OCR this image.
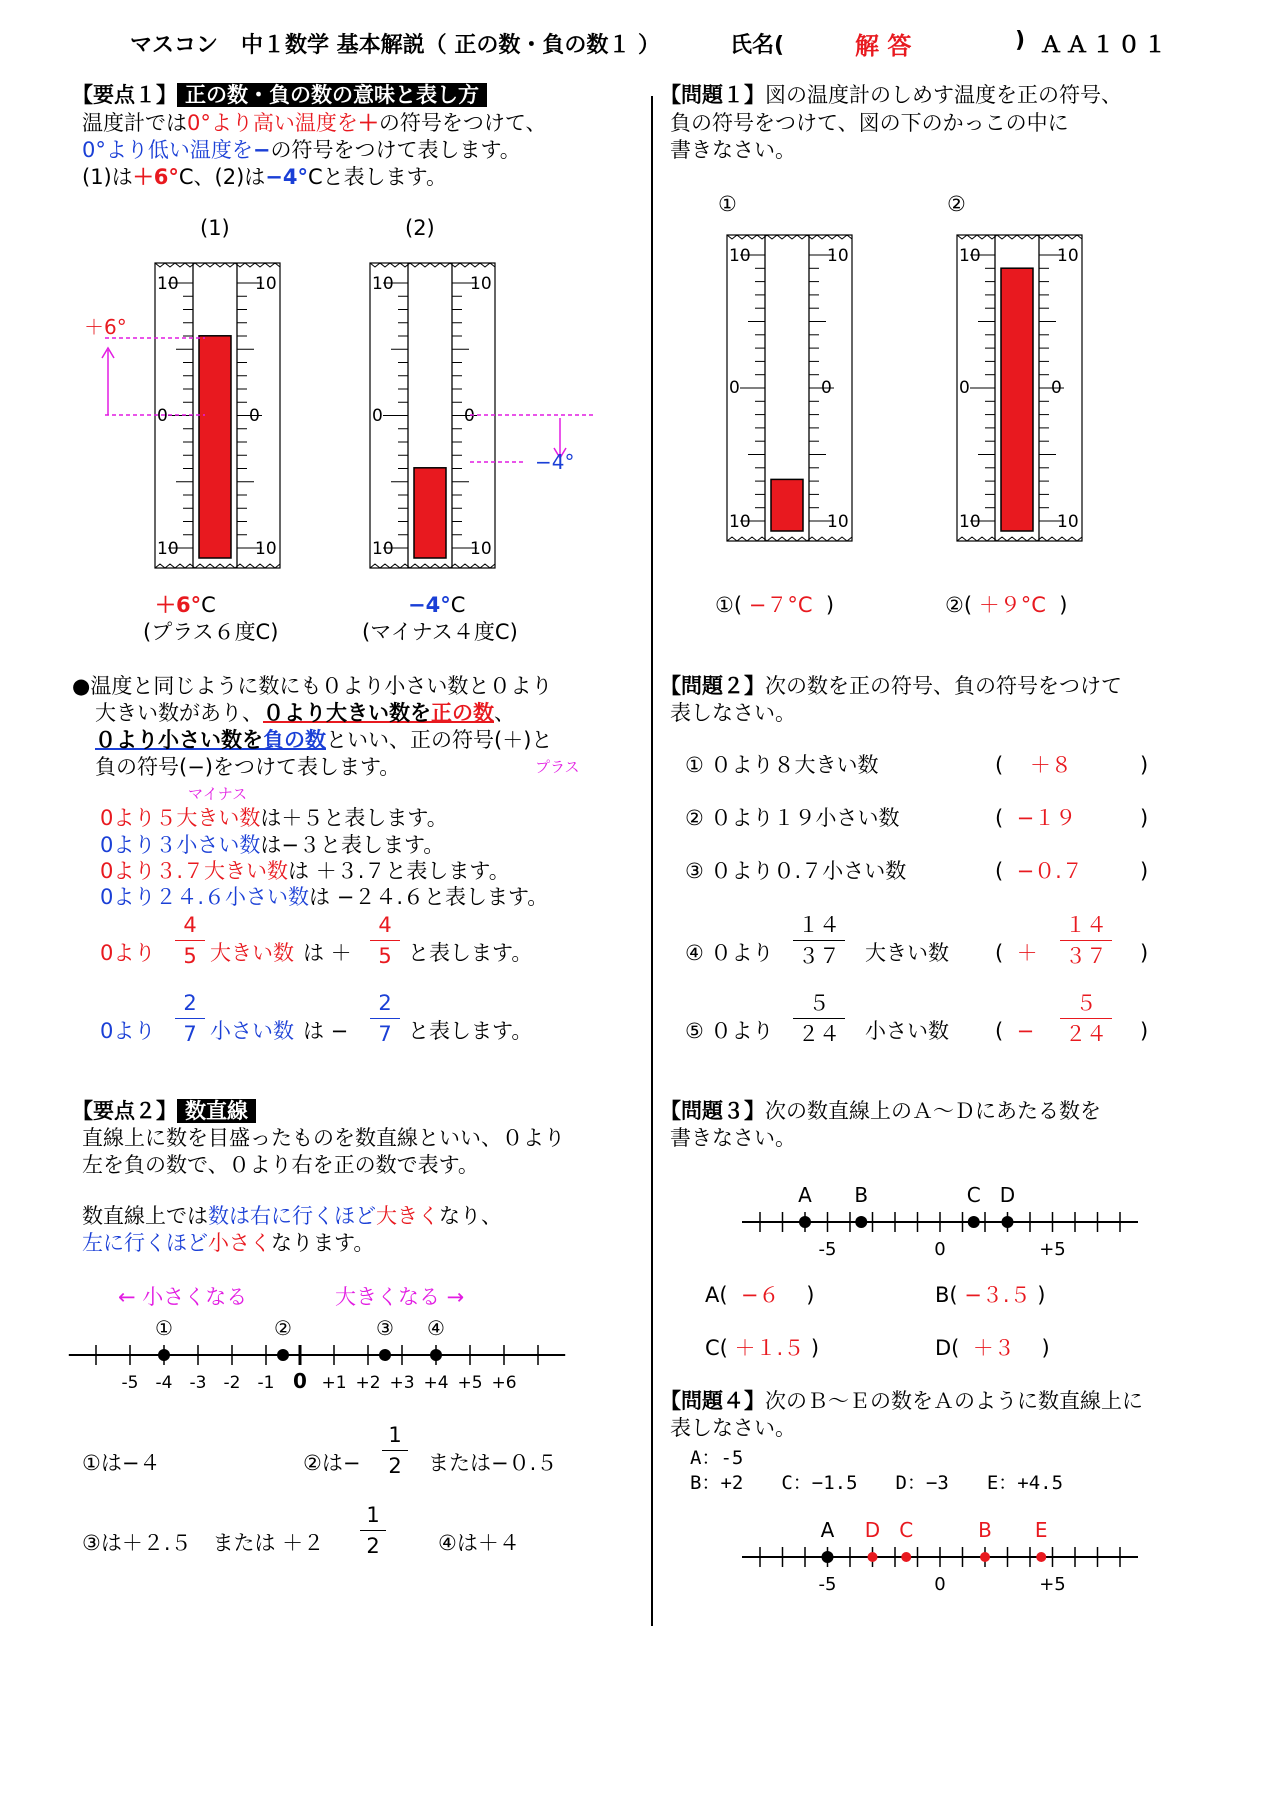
マスコン 中１数学 基本解説（ 正の数・負の数１ ）	氏名(	解 答	) ＡＡ１０１
【要点１】 正の数・負の数の意味と表し方
温度計では0°より高い温度を＋の符号をつけて、
0°より低い温度を−の符号をつけて表します。
(1)は＋6°C、(2)は−4°Cと表します。
(1)	(2)
10	10
0	0
10	10
10	10
0	0
10	10
＋6°
−4°
＋6°C
(プラス６度C)
−4°C
(マイナス４度C)
●温度と同じように数にも０より小さい数と０より
大きい数があり、０より大きい数を正の数、
０より小さい数を負の数といい、正の符号(＋)と
負の符号(−)をつけて表します。	プラス
マイナス
0より５大きい数は＋５と表します。
0より３小さい数は−３と表します。
0より３.７大きい数は ＋３.７と表します。
0より２４.６小さい数は −２４.６と表します。
0より
4
5 大きい数 は ＋
4
5 と表します。
0より
2
7 小さい数 は −
2
7 と表します。
【要点２】 数直線
直線上に数を目盛ったものを数直線といい、０より
左を負の数で、０より右を正の数で表す。
数直線上では数は右に行くほど大きくなり、
左に行くほど小さくなります。
← 小さくなる	大きくなる →
-5 -4 -3 -2 -1 0 +1 +2 +3 +4 +5 +6
①	②	③ ④
①は−４	②は−
1
2	または−０.５
③は＋２.５　または ＋２
1
2	④は＋４
【問題１】図の温度計のしめす温度を正の符号、
負の符号をつけて、図の下のかっこの中に
書きなさい。
①	②
10	10
0	0
10	10
10	10
0	0
10	10
①( −７°C )	②( ＋９°C )
【問題２】次の数を正の符号、負の符号をつけて
表しなさい。
① ０より８大きい数	( ＋８	)
② ０より１９小さい数	( −１９	)
③ ０より０.７小さい数	( −０.７	)
④ ０より
１４
３７ 大きい数 ( ＋
１４
３７ )
⑤ ０より
５
２４ 小さい数 ( −
５
２４ )
【問題３】次の数直線上のＡ〜Ｄにあたる数を
書きなさい。
-5	0	+5
A B	C D
A( −６ )	B( −３.５ )
C( ＋１.５ )	D( ＋３ )
【問題４】次のＢ〜Ｅの数をＡのように数直線上に
表しなさい。
A：-5
B：+2　　C：−1.5　　D：−3　　E：+4.5
-5	0	+5
A D C	B E
